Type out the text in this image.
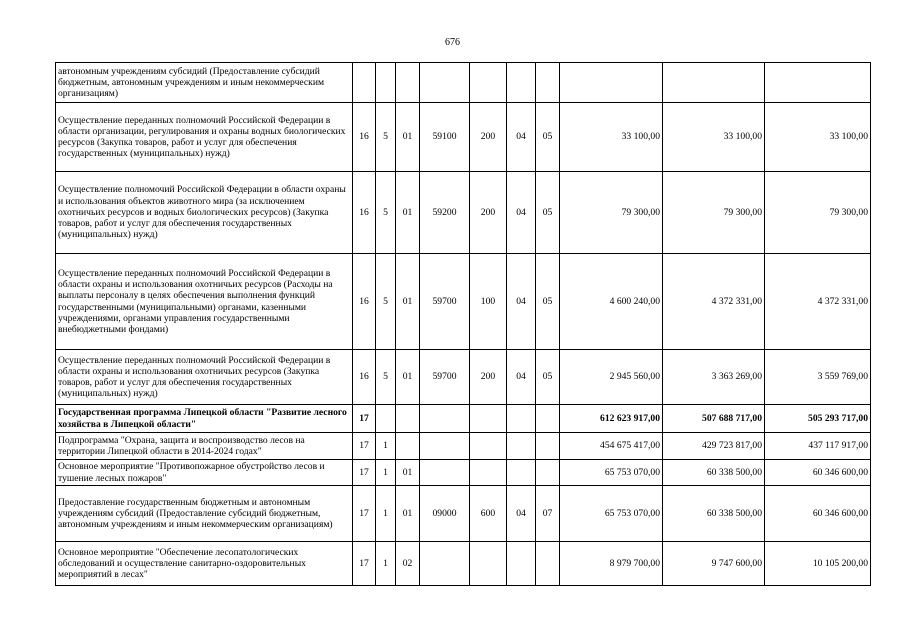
676
автономным учреждениям субсидий (Предоставление субсидий бюджетным, автономным учреждениям и иным некоммерческим организациям)										
Осуществление переданных полномочий Российской Федерации в области организации, регулирования и охраны водных биологических ресурсов (Закупка товаров, работ и услуг для обеспечения государственных (муниципальных) нужд)	16	5	01	59100	200	04	05	33 100,00	33 100,00	33 100,00
Осуществление полномочий Российской Федерации в области охраны и использования объектов животного мира (за исключением охотничьих ресурсов и водных биологических ресурсов) (Закупка товаров, работ и услуг для обеспечения государственных (муниципальных) нужд)	16	5	01	59200	200	04	05	79 300,00	79 300,00	79 300,00
Осуществление переданных полномочий Российской Федерации в области охраны и использования охотничьих ресурсов (Расходы на выплаты персоналу в целях обеспечения выполнения функций государственными (муниципальными) органами, казенными учреждениями, органами управления государственными внебюджетными фондами)	16	5	01	59700	100	04	05	4 600 240,00	4 372 331,00	4 372 331,00
Осуществление переданных полномочий Российской Федерации в области охраны и использования охотничьих ресурсов (Закупка товаров, работ и услуг для обеспечения государственных (муниципальных) нужд)	16	5	01	59700	200	04	05	2 945 560,00	3 363 269,00	3 559 769,00
Государственная программа Липецкой области "Развитие лесного хозяйства в Липецкой области"	17							612 623 917,00	507 688 717,00	505 293 717,00
Подпрограмма "Охрана, защита и воспроизводство лесов на территории Липецкой области в 2014-2024 годах"	17	1						454 675 417,00	429 723 817,00	437 117 917,00
Основное мероприятие "Противопожарное обустройство лесов и тушение лесных пожаров"	17	1	01					65 753 070,00	60 338 500,00	60 346 600,00
Предоставление государственным бюджетным и автономным учреждениям субсидий (Предоставление субсидий бюджетным, автономным учреждениям и иным некоммерческим организациям)	17	1	01	09000	600	04	07	65 753 070,00	60 338 500,00	60 346 600,00
Основное мероприятие "Обеспечение лесопатологических обследований и осуществление санитарно-оздоровительных мероприятий в лесах"	17	1	02					8 979 700,00	9 747 600,00	10 105 200,00
